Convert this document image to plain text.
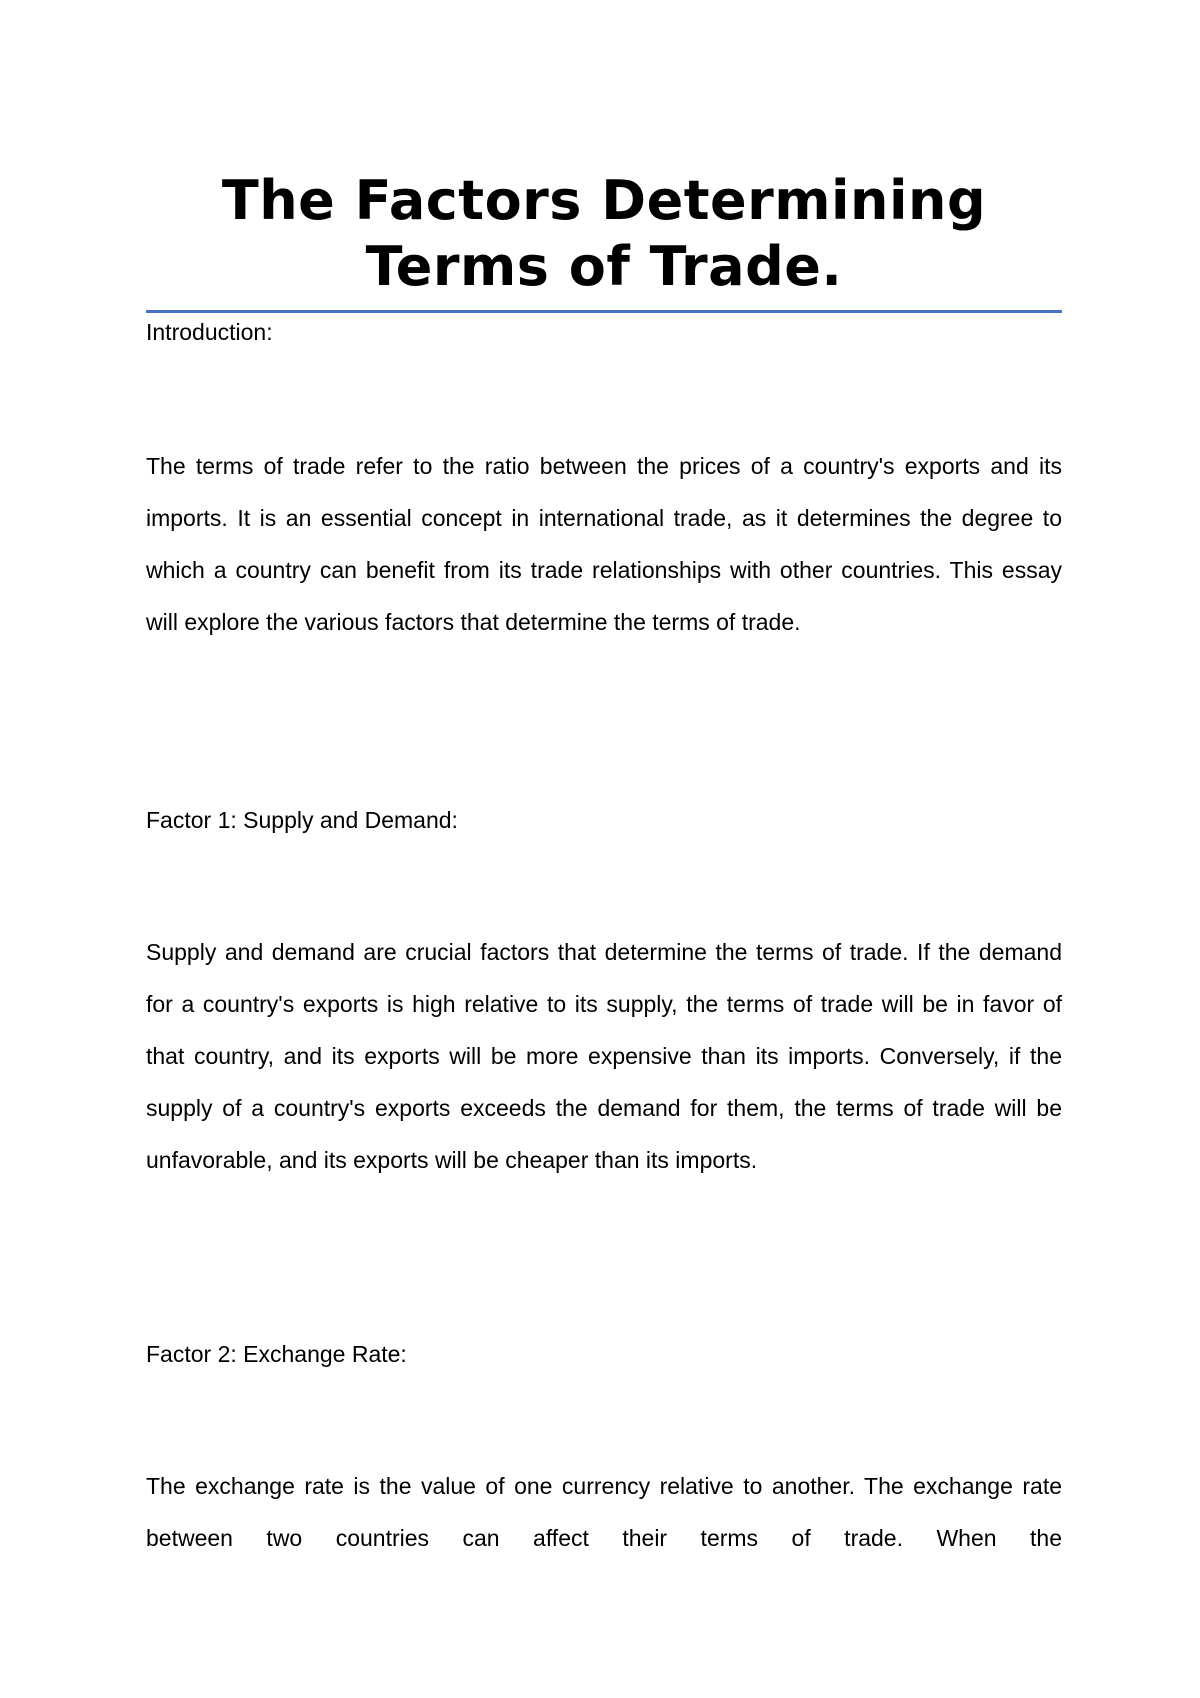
The Factors Determining Terms of Trade.

Introduction:

The terms of trade refer to the ratio between the prices of a country's exports and its imports. It is an essential concept in international trade, as it determines the degree to which a country can benefit from its trade relationships with other countries. This essay will explore the various factors that determine the terms of trade.

Factor 1: Supply and Demand:

Supply and demand are crucial factors that determine the terms of trade. If the demand for a country's exports is high relative to its supply, the terms of trade will be in favor of that country, and its exports will be more expensive than its imports. Conversely, if the supply of a country's exports exceeds the demand for them, the terms of trade will be unfavorable, and its exports will be cheaper than its imports.

Factor 2: Exchange Rate:

The exchange rate is the value of one currency relative to another. The exchange rate between two countries can affect their terms of trade. When the
